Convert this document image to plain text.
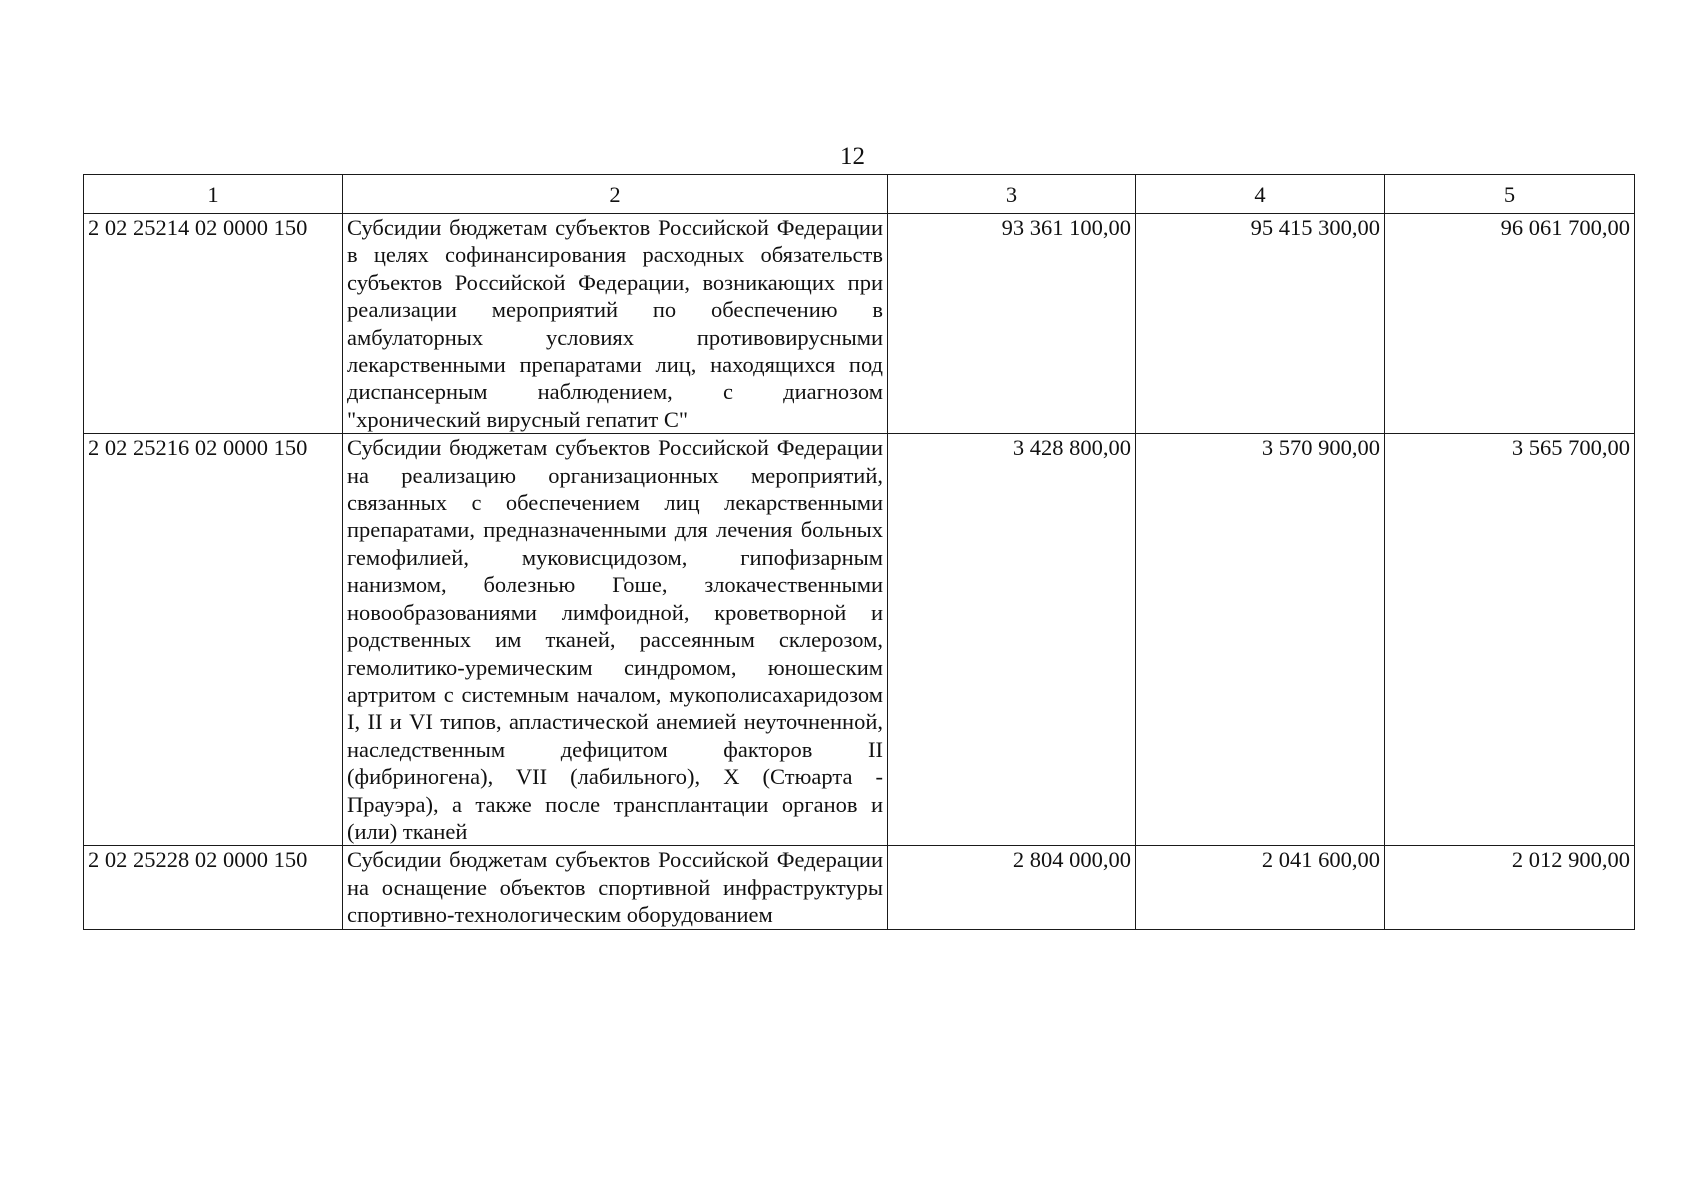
12
1	2	3	4	5
2 02 25214 02 0000 150	Субсидии бюджетам субъектов Российской Федерации в целях софинансирования расходных обязательств субъектов Российской Федерации, возникающих при реализации мероприятий по обеспечению в амбулаторных условиях противовирусными лекарственными препаратами лиц, находящихся под диспансерным наблюдением, с диагнозом "хронический вирусный гепатит С"	93 361 100,00	95 415 300,00	96 061 700,00
2 02 25216 02 0000 150	Субсидии бюджетам субъектов Российской Федерации на реализацию организационных мероприятий, связанных с обеспечением лиц лекарственными препаратами, предназначенными для лечения больных гемофилией, муковисцидозом, гипофизарным нанизмом, болезнью Гоше, злокачественными новообразованиями лимфоидной, кроветворной и родственных им тканей, рассеянным склерозом, гемолитико-уремическим синдромом, юношеским артритом с системным началом, мукополисахаридозом I, II и VI типов, апластической анемией неуточненной, наследственным дефицитом факторов II (фибриногена), VII (лабильного), X (Стюарта - Прауэра), а также после трансплантации органов и (или) тканей	3 428 800,00	3 570 900,00	3 565 700,00
2 02 25228 02 0000 150	Субсидии бюджетам субъектов Российской Федерации на оснащение объектов спортивной инфраструктуры спортивно-технологическим оборудованием	2 804 000,00	2 041 600,00	2 012 900,00
